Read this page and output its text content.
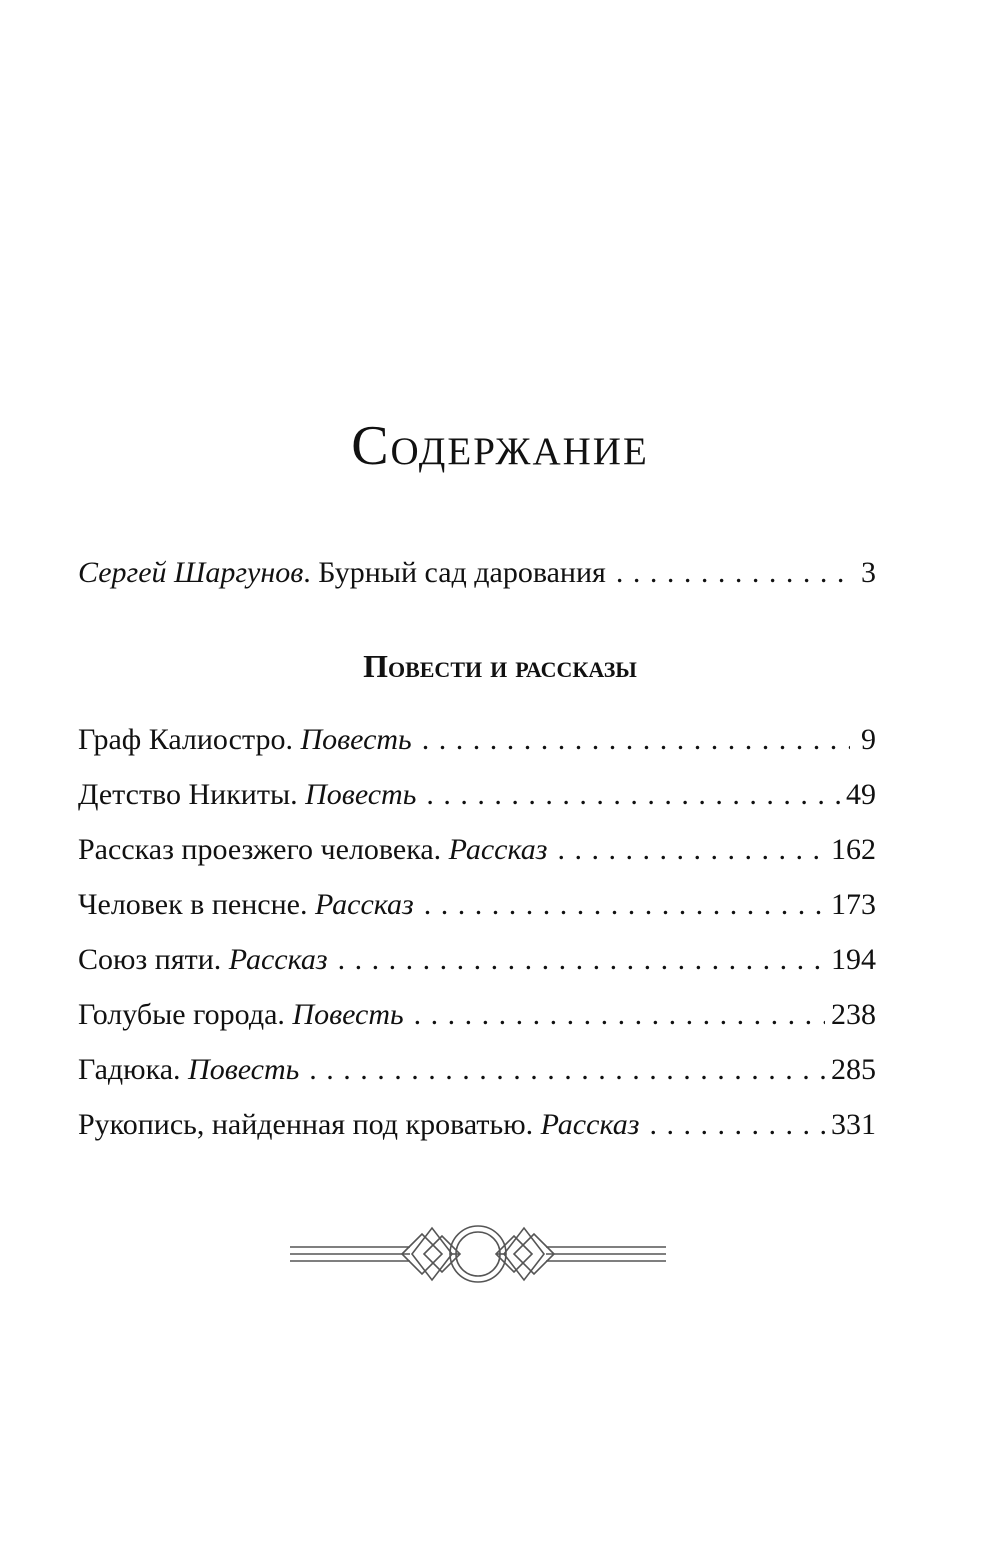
Содержание
Сергей Шаргунов. Бурный сад дарования . . .	3
Повести и рассказы
Граф Калиостро. Повесть . . .	9
Детство Никиты. Повесть . . .	49
Рассказ проезжего человека. Рассказ . . .	162
Человек в пенсне. Рассказ . . .	173
Союз пяти. Рассказ . . .	194
Голубые города. Повесть . . .	238
Гадюка. Повесть . . .	285
Рукопись, найденная под кроватью. Рассказ . . .	331
